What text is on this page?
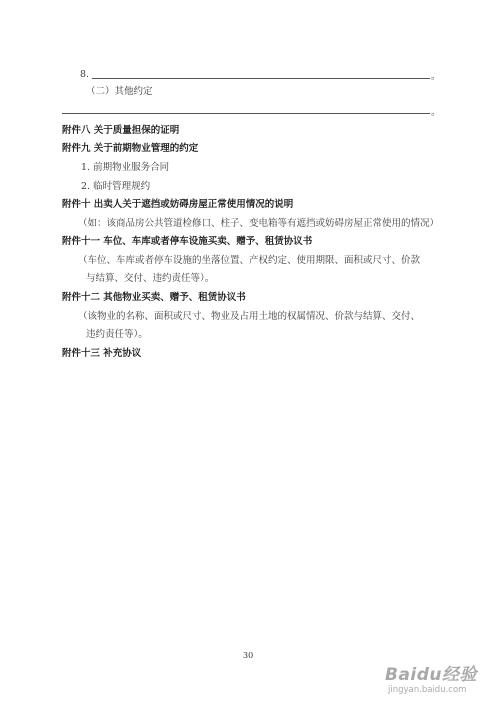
8.	。
（二）其他约定
。
附件八 关于质量担保的证明
附件九 关于前期物业管理的约定
1. 前期物业服务合同
2. 临时管理规约
附件十 出卖人关于遮挡或妨碍房屋正常使用情况的说明
（如：该商品房公共管道检修口、柱子、变电箱等有遮挡或妨碍房屋正常使用的情况）
附件十一 车位、车库或者停车设施买卖、赠予、租赁协议书
（车位、车库或者停车设施的坐落位置、产权约定、使用期限、面积或尺寸、价款
与结算、交付、违约责任等）。
附件十二 其他物业买卖、赠予、租赁协议书
（该物业的名称、面积或尺寸、物业及占用土地的权属情况、价款与结算、交付、
违约责任等）。
附件十三 补充协议
30
Baidu经验
jingyan.baidu.com
